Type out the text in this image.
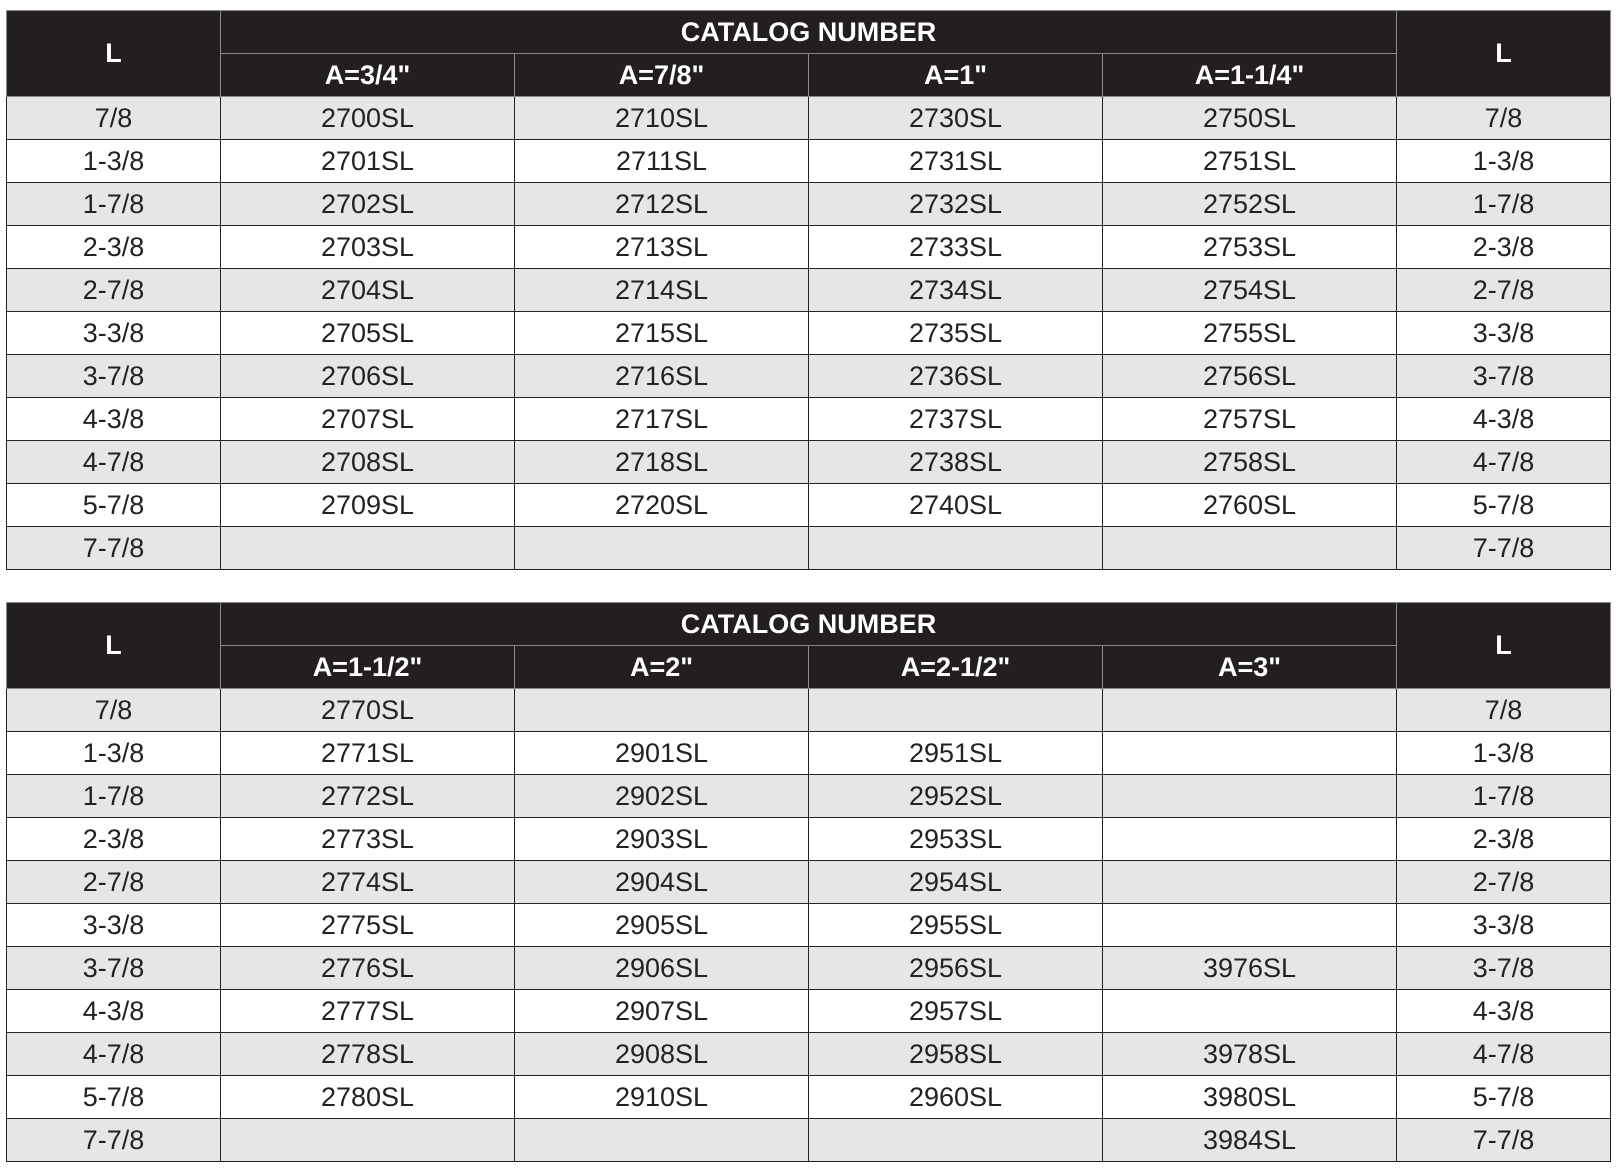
L	CATALOG NUMBER				L
	A=3/4"	A=7/8"	A=1"	A=1-1/4"	
7/8	2700SL	2710SL	2730SL	2750SL	7/8
1-3/8	2701SL	2711SL	2731SL	2751SL	1-3/8
1-7/8	2702SL	2712SL	2732SL	2752SL	1-7/8
2-3/8	2703SL	2713SL	2733SL	2753SL	2-3/8
2-7/8	2704SL	2714SL	2734SL	2754SL	2-7/8
3-3/8	2705SL	2715SL	2735SL	2755SL	3-3/8
3-7/8	2706SL	2716SL	2736SL	2756SL	3-7/8
4-3/8	2707SL	2717SL	2737SL	2757SL	4-3/8
4-7/8	2708SL	2718SL	2738SL	2758SL	4-7/8
5-7/8	2709SL	2720SL	2740SL	2760SL	5-7/8
7-7/8					7-7/8
L	CATALOG NUMBER				L
	A=1-1/2"	A=2"	A=2-1/2"	A=3"	
7/8	2770SL				7/8
1-3/8	2771SL	2901SL	2951SL		1-3/8
1-7/8	2772SL	2902SL	2952SL		1-7/8
2-3/8	2773SL	2903SL	2953SL		2-3/8
2-7/8	2774SL	2904SL	2954SL		2-7/8
3-3/8	2775SL	2905SL	2955SL		3-3/8
3-7/8	2776SL	2906SL	2956SL	3976SL	3-7/8
4-3/8	2777SL	2907SL	2957SL		4-3/8
4-7/8	2778SL	2908SL	2958SL	3978SL	4-7/8
5-7/8	2780SL	2910SL	2960SL	3980SL	5-7/8
7-7/8				3984SL	7-7/8
